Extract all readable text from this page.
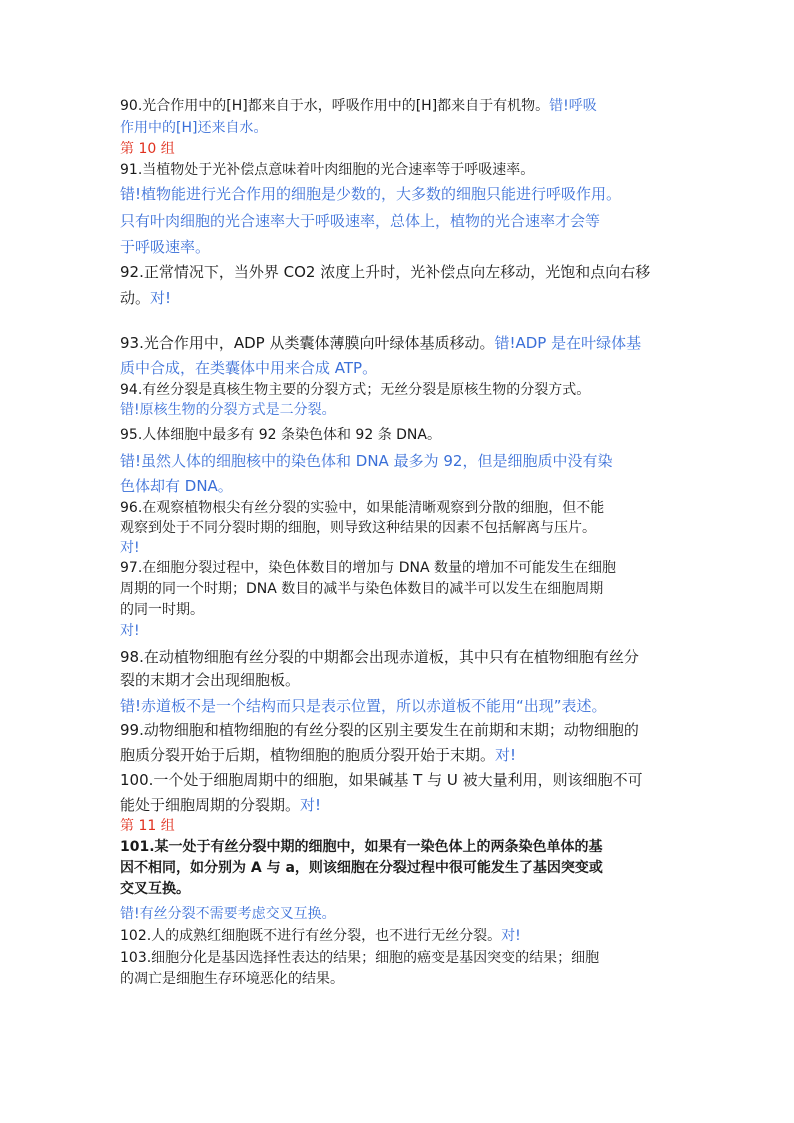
90.光合作用中的[H]都来自于水，呼吸作用中的[H]都来自于有机物。错!呼吸
作用中的[H]还来自水。
第 10 组
91.当植物处于光补偿点意味着叶肉细胞的光合速率等于呼吸速率。
错!植物能进行光合作用的细胞是少数的，大多数的细胞只能进行呼吸作用。
只有叶肉细胞的光合速率大于呼吸速率，总体上，植物的光合速率才会等
于呼吸速率。
92.正常情况下，当外界 CO2 浓度上升时，光补偿点向左移动，光饱和点向右移
动。对!
93.光合作用中，ADP 从类囊体薄膜向叶绿体基质移动。错!ADP 是在叶绿体基
质中合成，在类囊体中用来合成 ATP。
94.有丝分裂是真核生物主要的分裂方式；无丝分裂是原核生物的分裂方式。
错!原核生物的分裂方式是二分裂。
95.人体细胞中最多有 92 条染色体和 92 条 DNA。
错!虽然人体的细胞核中的染色体和 DNA 最多为 92，但是细胞质中没有染
色体却有 DNA。
96.在观察植物根尖有丝分裂的实验中，如果能清晰观察到分散的细胞，但不能
观察到处于不同分裂时期的细胞，则导致这种结果的因素不包括解离与压片。
对!
97.在细胞分裂过程中，染色体数目的增加与 DNA 数量的增加不可能发生在细胞
周期的同一个时期；DNA 数目的减半与染色体数目的减半可以发生在细胞周期
的同一时期。
对!
98.在动植物细胞有丝分裂的中期都会出现赤道板，其中只有在植物细胞有丝分
裂的末期才会出现细胞板。
错!赤道板不是一个结构而只是表示位置，所以赤道板不能用“出现”表述。
99.动物细胞和植物细胞的有丝分裂的区别主要发生在前期和末期；动物细胞的
胞质分裂开始于后期，植物细胞的胞质分裂开始于末期。对!
100.一个处于细胞周期中的细胞，如果碱基 T 与 U 被大量利用，则该细胞不可
能处于细胞周期的分裂期。对!
第 11 组
101.某一处于有丝分裂中期的细胞中，如果有一染色体上的两条染色单体的基
因不相同，如分别为 A 与 a，则该细胞在分裂过程中很可能发生了基因突变或
交叉互换。
错!有丝分裂不需要考虑交叉互换。
102.人的成熟红细胞既不进行有丝分裂，也不进行无丝分裂。对!
103.细胞分化是基因选择性表达的结果；细胞的癌变是基因突变的结果；细胞
的凋亡是细胞生存环境恶化的结果。
